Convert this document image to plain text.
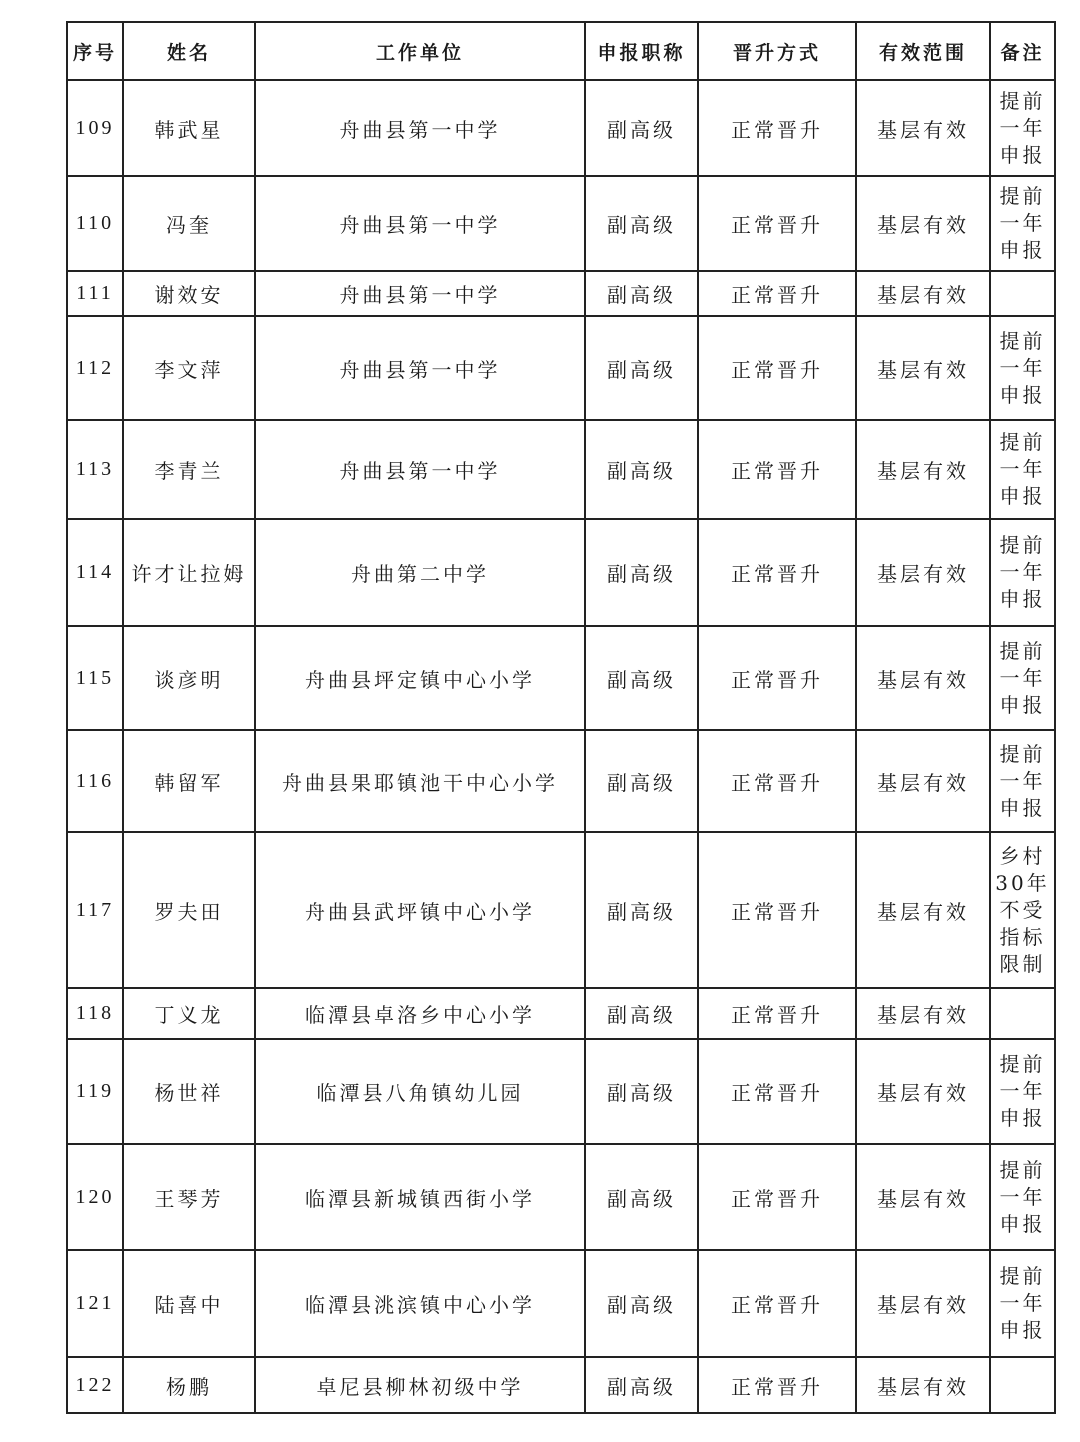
序号	姓名	工作单位	申报职称	晋升方式	有效范围	备注
109	韩武星	舟曲县第一中学	副高级	正常晋升	基层有效	提前
一年
申报

110	冯奎	舟曲县第一中学	副高级	正常晋升	基层有效	提前
一年
申报

111	谢效安	舟曲县第一中学	副高级	正常晋升	基层有效	
112	李文萍	舟曲县第一中学	副高级	正常晋升	基层有效	提前
一年
申报

113	李青兰	舟曲县第一中学	副高级	正常晋升	基层有效	提前
一年
申报

114	许才让拉姆	舟曲第二中学	副高级	正常晋升	基层有效	提前
一年
申报

115	谈彦明	舟曲县坪定镇中心小学	副高级	正常晋升	基层有效	提前
一年
申报

116	韩留军	舟曲县果耶镇池干中心小学	副高级	正常晋升	基层有效	提前
一年
申报

117	罗夫田	舟曲县武坪镇中心小学	副高级	正常晋升	基层有效	乡村
30年
不受
指标
限制

118	丁义龙	临潭县卓洛乡中心小学	副高级	正常晋升	基层有效	
119	杨世祥	临潭县八角镇幼儿园	副高级	正常晋升	基层有效	提前
一年
申报

120	王琴芳	临潭县新城镇西街小学	副高级	正常晋升	基层有效	提前
一年
申报

121	陆喜中	临潭县洮滨镇中心小学	副高级	正常晋升	基层有效	提前
一年
申报

122	杨鹏	卓尼县柳林初级中学	副高级	正常晋升	基层有效	
